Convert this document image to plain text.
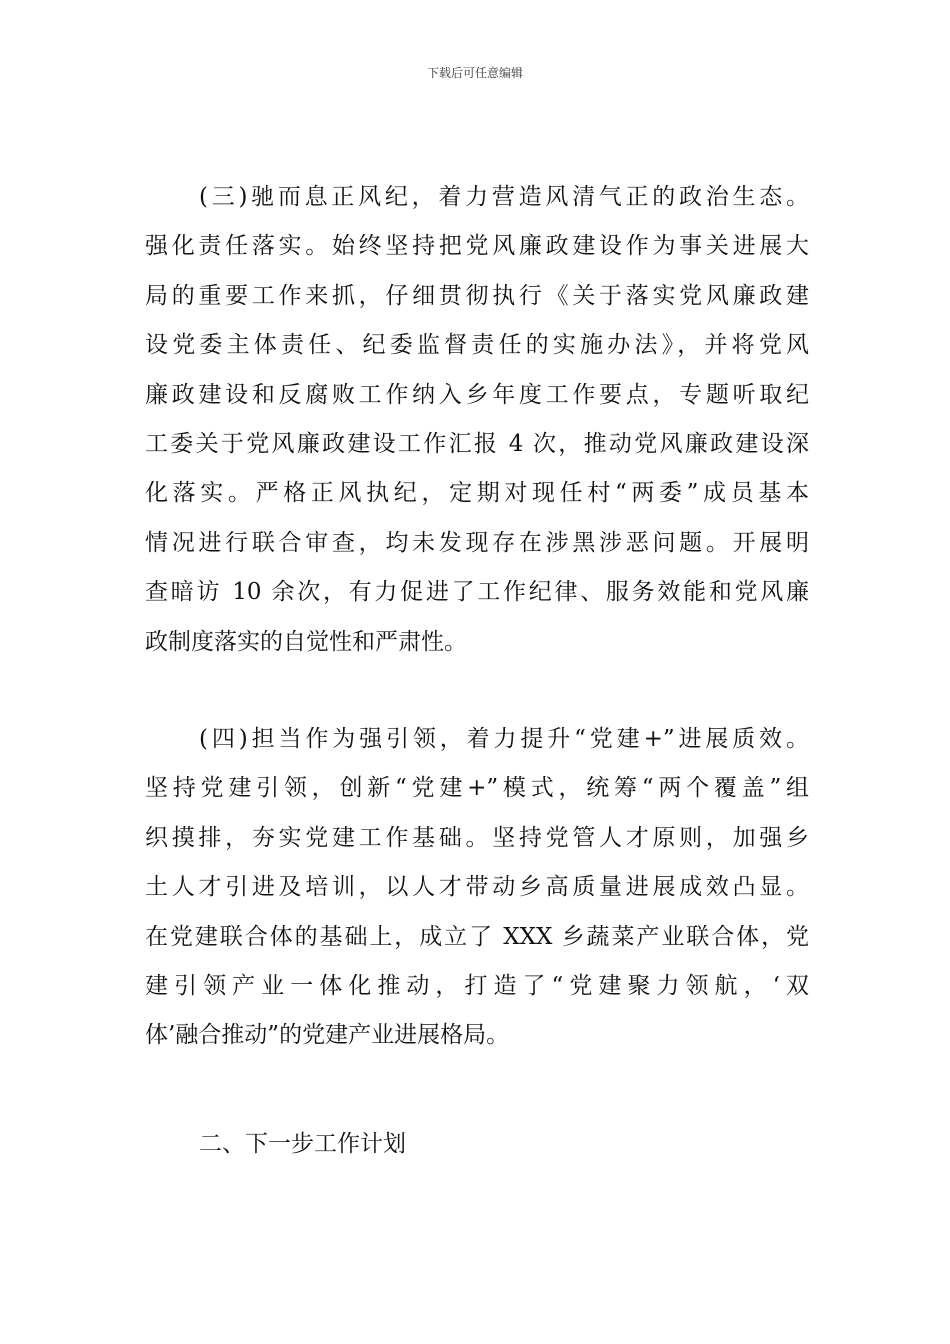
下载后可任意编辑
(三)驰而息正风纪，着力营造风清气正的政治生态。
强化责任落实。始终坚持把党风廉政建设作为事关进展大
局的重要工作来抓，仔细贯彻执行《关于落实党风廉政建
设党委主体责任、纪委监督责任的实施办法》，并将党风
廉政建设和反腐败工作纳入乡年度工作要点，专题听取纪
工委关于党风廉政建设工作汇报 4 次，推动党风廉政建设深
化落实。严格正风执纪，定期对现任村“两委”成员基本
情况进行联合审查，均未发现存在涉黑涉恶问题。开展明
查暗访 10 余次，有力促进了工作纪律、服务效能和党风廉
政制度落实的自觉性和严肃性。
(四)担当作为强引领，着力提升“党建+”进展质效。
坚持党建引领，创新“党建+”模式，统筹“两个覆盖”组
织摸排，夯实党建工作基础。坚持党管人才原则，加强乡
土人才引进及培训，以人才带动乡高质量进展成效凸显。
在党建联合体的基础上，成立了 XXX 乡蔬菜产业联合体，党
建引领产业一体化推动，打造了“党建聚力领航，‘双
体’融合推动”的党建产业进展格局。
二、下一步工作计划
